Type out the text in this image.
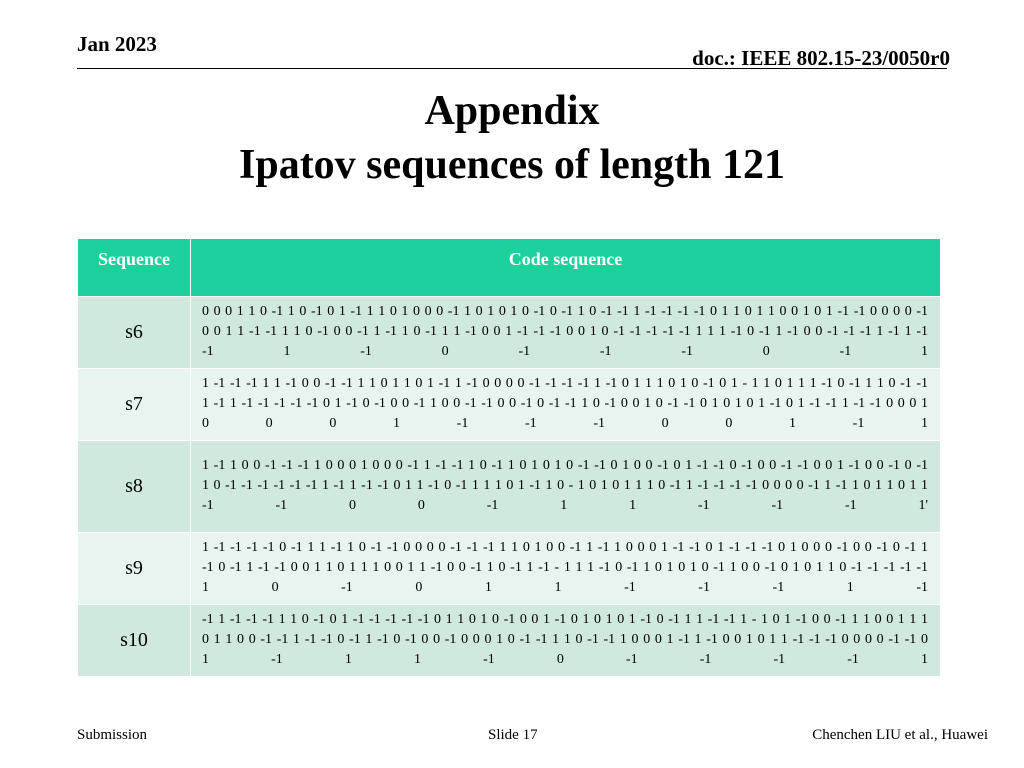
Jan 2023
doc.: IEEE 802.15-23/0050r0
Appendix
Ipatov sequences of length 121
Sequence	Code sequence
s6	0 0 0 1 1 0 -1 1 0 -1 0 1 -1 1 1 0 1 0 0 0 -1 1 0 1 0 1 0 -1 0 -1 1 0 -1 -1 1 -1 -1 -1 -1 0 1 1 0 1 1 0 0 1 0 1 -1 -1 0 0 0 0 -1 0 0 1 1 -1 -1 1 1 0 -1 0 0 -1 1 -1 1 0 -1 1 1 -1 0 0 1 -1 -1 -1 0 0 1 0 -1 -1 -1 -1 -1 1 1 1 -1 0 -1 1 -1 0 0 -1 -1 -1 1 -1 1 -1 -1 1 -1 0 -1 -1 -1 0 -1 1
s7	1 -1 -1 -1 1 1 -1 0 0 -1 -1 1 1 0 1 1 0 1 -1 1 -1 0 0 0 0 -1 -1 -1 -1 1 -1 0 1 1 1 0 1 0 -1 0 1 - 1 1 0 1 1 1 -1 0 -1 1 1 0 -1 -1 1 -1 1 -1 -1 -1 -1 -1 0 1 -1 0 -1 0 0 -1 1 0 0 -1 -1 0 0 -1 0 -1 -1 1 0 -1 0 0 1 0 -1 -1 0 1 0 1 0 1 -1 0 1 -1 -1 1 -1 -1 0 0 0 1 0 0 0 1 -1 -1 -1 0 0 1 -1 1
s8	1 -1 1 0 0 -1 -1 -1 1 0 0 0 1 0 0 0 -1 1 -1 -1 1 0 -1 1 0 1 0 1 0 -1 -1 0 1 0 0 -1 0 1 -1 -1 0 -1 0 0 -1 -1 0 0 1 -1 0 0 -1 0 -1 1 0 -1 -1 -1 -1 -1 -1 1 -1 1 -1 -1 0 1 1 -1 0 -1 1 1 1 0 1 -1 1 0 - 1 0 1 0 1 1 1 0 -1 1 -1 -1 -1 -1 0 0 0 0 -1 1 -1 1 0 1 1 0 1 1 -1 -1 0 0 -1 1 1 -1 -1 -1 1'
s9	1 -1 -1 -1 -1 0 -1 1 1 -1 1 0 -1 -1 0 0 0 0 -1 -1 -1 1 1 0 1 0 0 -1 1 -1 1 0 0 0 1 -1 -1 0 1 -1 -1 -1 0 1 0 0 0 -1 0 0 -1 0 -1 1 -1 0 -1 1 -1 -1 0 0 1 1 0 1 1 1 0 0 1 1 -1 0 0 -1 1 0 -1 1 -1 - 1 1 1 -1 0 -1 1 0 1 0 1 0 -1 1 0 0 -1 0 1 0 1 1 0 -1 -1 -1 -1 -1 1 0 -1 0 1 1 -1 -1 -1 1 -1
s10	-1 1 -1 -1 -1 1 1 0 -1 0 1 -1 -1 -1 -1 -1 0 1 1 0 1 0 -1 0 0 1 -1 0 1 0 1 0 1 -1 0 -1 1 1 -1 -1 1 - 1 0 1 -1 0 0 -1 1 1 0 0 1 1 1 0 1 1 0 0 -1 -1 1 -1 -1 0 -1 1 -1 0 -1 0 0 -1 0 0 0 1 0 -1 -1 1 1 0 -1 -1 1 0 0 0 1 -1 1 -1 0 0 1 0 1 1 -1 -1 -1 0 0 0 0 -1 -1 0 1 -1 1 1 -1 0 -1 -1 -1 -1 1
Submission	Slide 17	Chenchen LIU et al., Huawei
